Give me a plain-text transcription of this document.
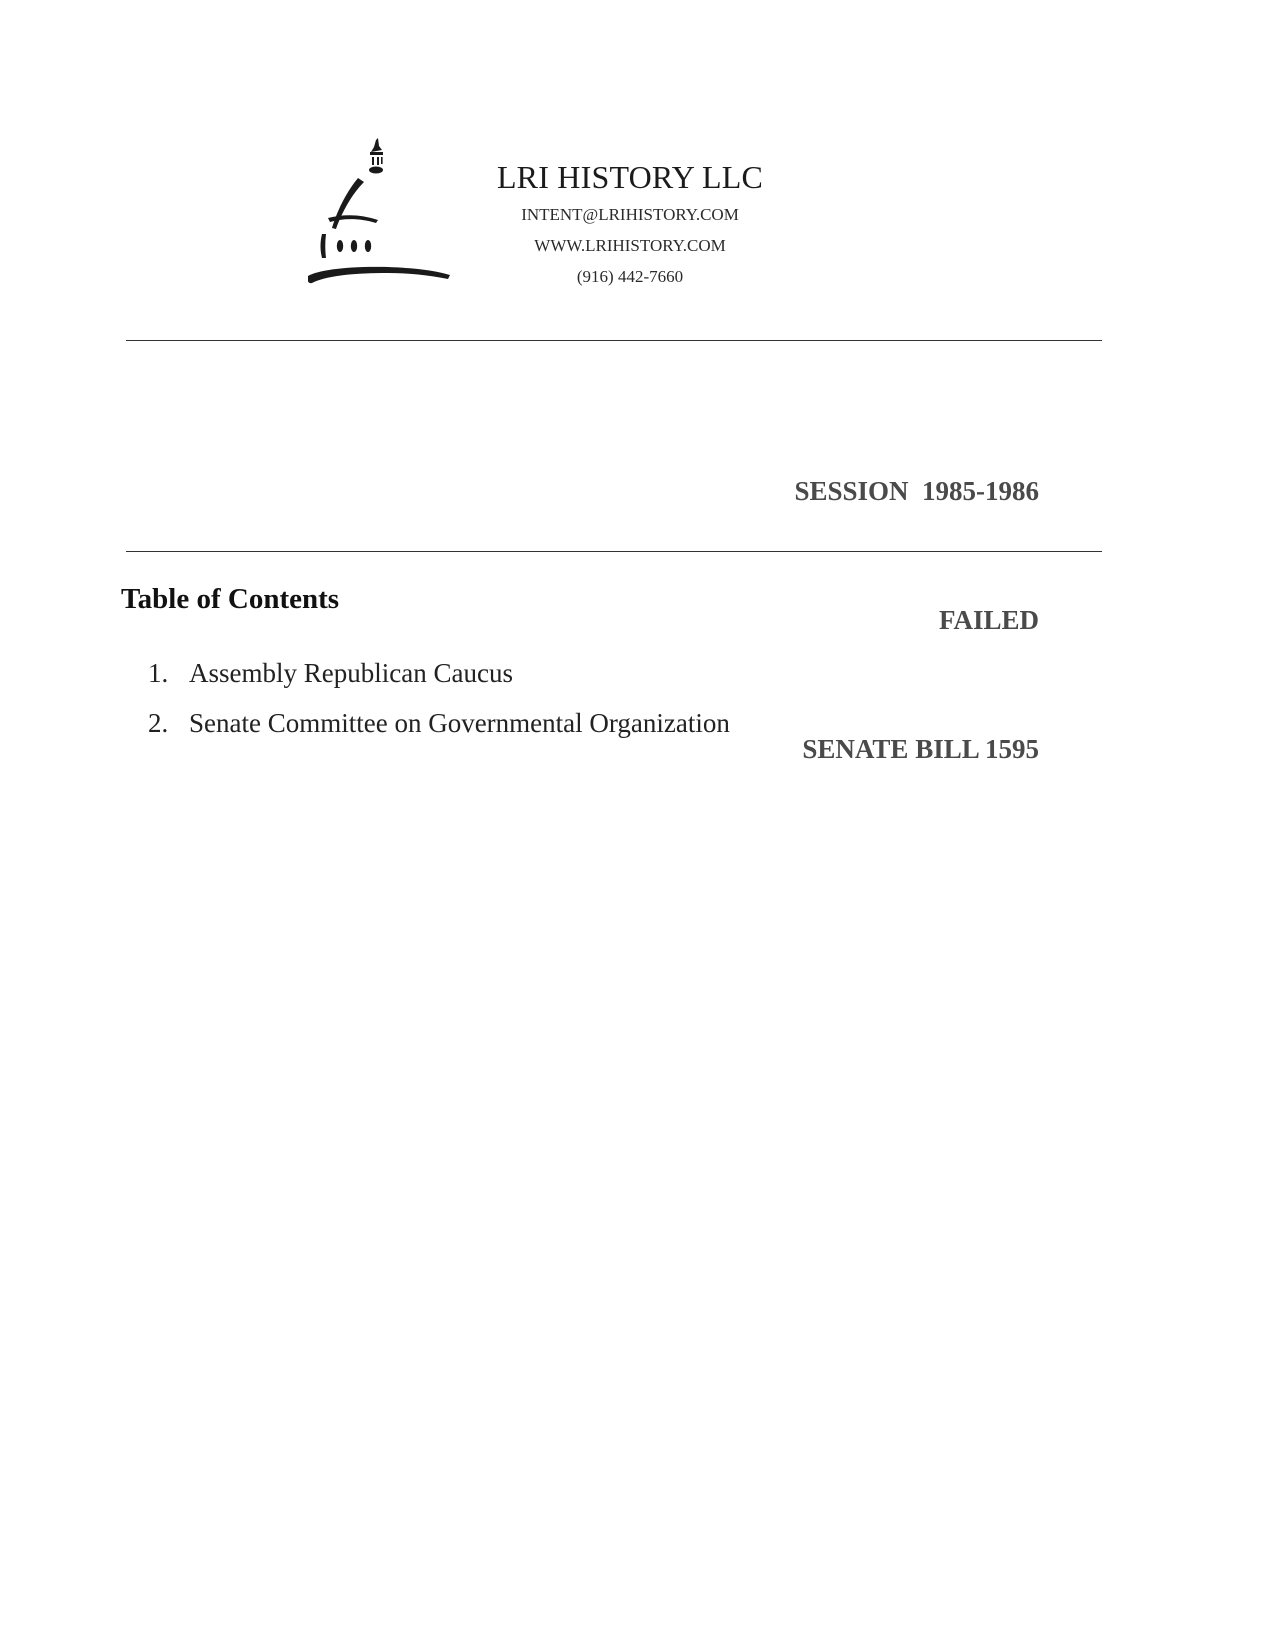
LRI HISTORY LLC
INTENT@LRIHISTORY.COM
WWW.LRIHISTORY.COM
(916) 442-7660

SESSION  1985-1986

FAILED

SENATE BILL 1595

Table of Contents
1. Assembly Republican Caucus
2. Senate Committee on Governmental Organization
